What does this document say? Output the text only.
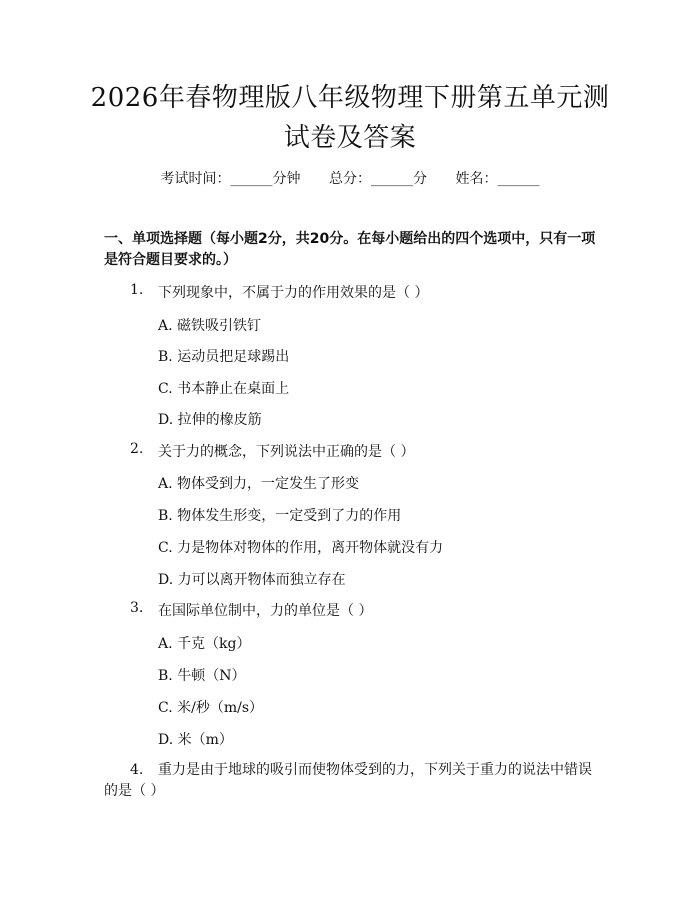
2026年春物理版八年级物理下册第五单元测试卷及答案
考试时间：______分钟 总分：______分 姓名：______

一、单项选择题（每小题2分，共20分。在每小题给出的四个选项中，只有一项是符合题目要求的。）

1. 下列现象中，不属于力的作用效果的是（ ）
A. 磁铁吸引铁钉
B. 运动员把足球踢出
C. 书本静止在桌面上
D. 拉伸的橡皮筋
2. 关于力的概念，下列说法中正确的是（ ）
A. 物体受到力，一定发生了形变
B. 物体发生形变，一定受到了力的作用
C. 力是物体对物体的作用，离开物体就没有力
D. 力可以离开物体而独立存在
3. 在国际单位制中，力的单位是（ ）
A. 千克（kg）
B. 牛顿（N）
C. 米/秒（m/s）
D. 米（m）
4.	重力是由于地球的吸引而使物体受到的力，下列关于重力的说法中错误的是（ ）
